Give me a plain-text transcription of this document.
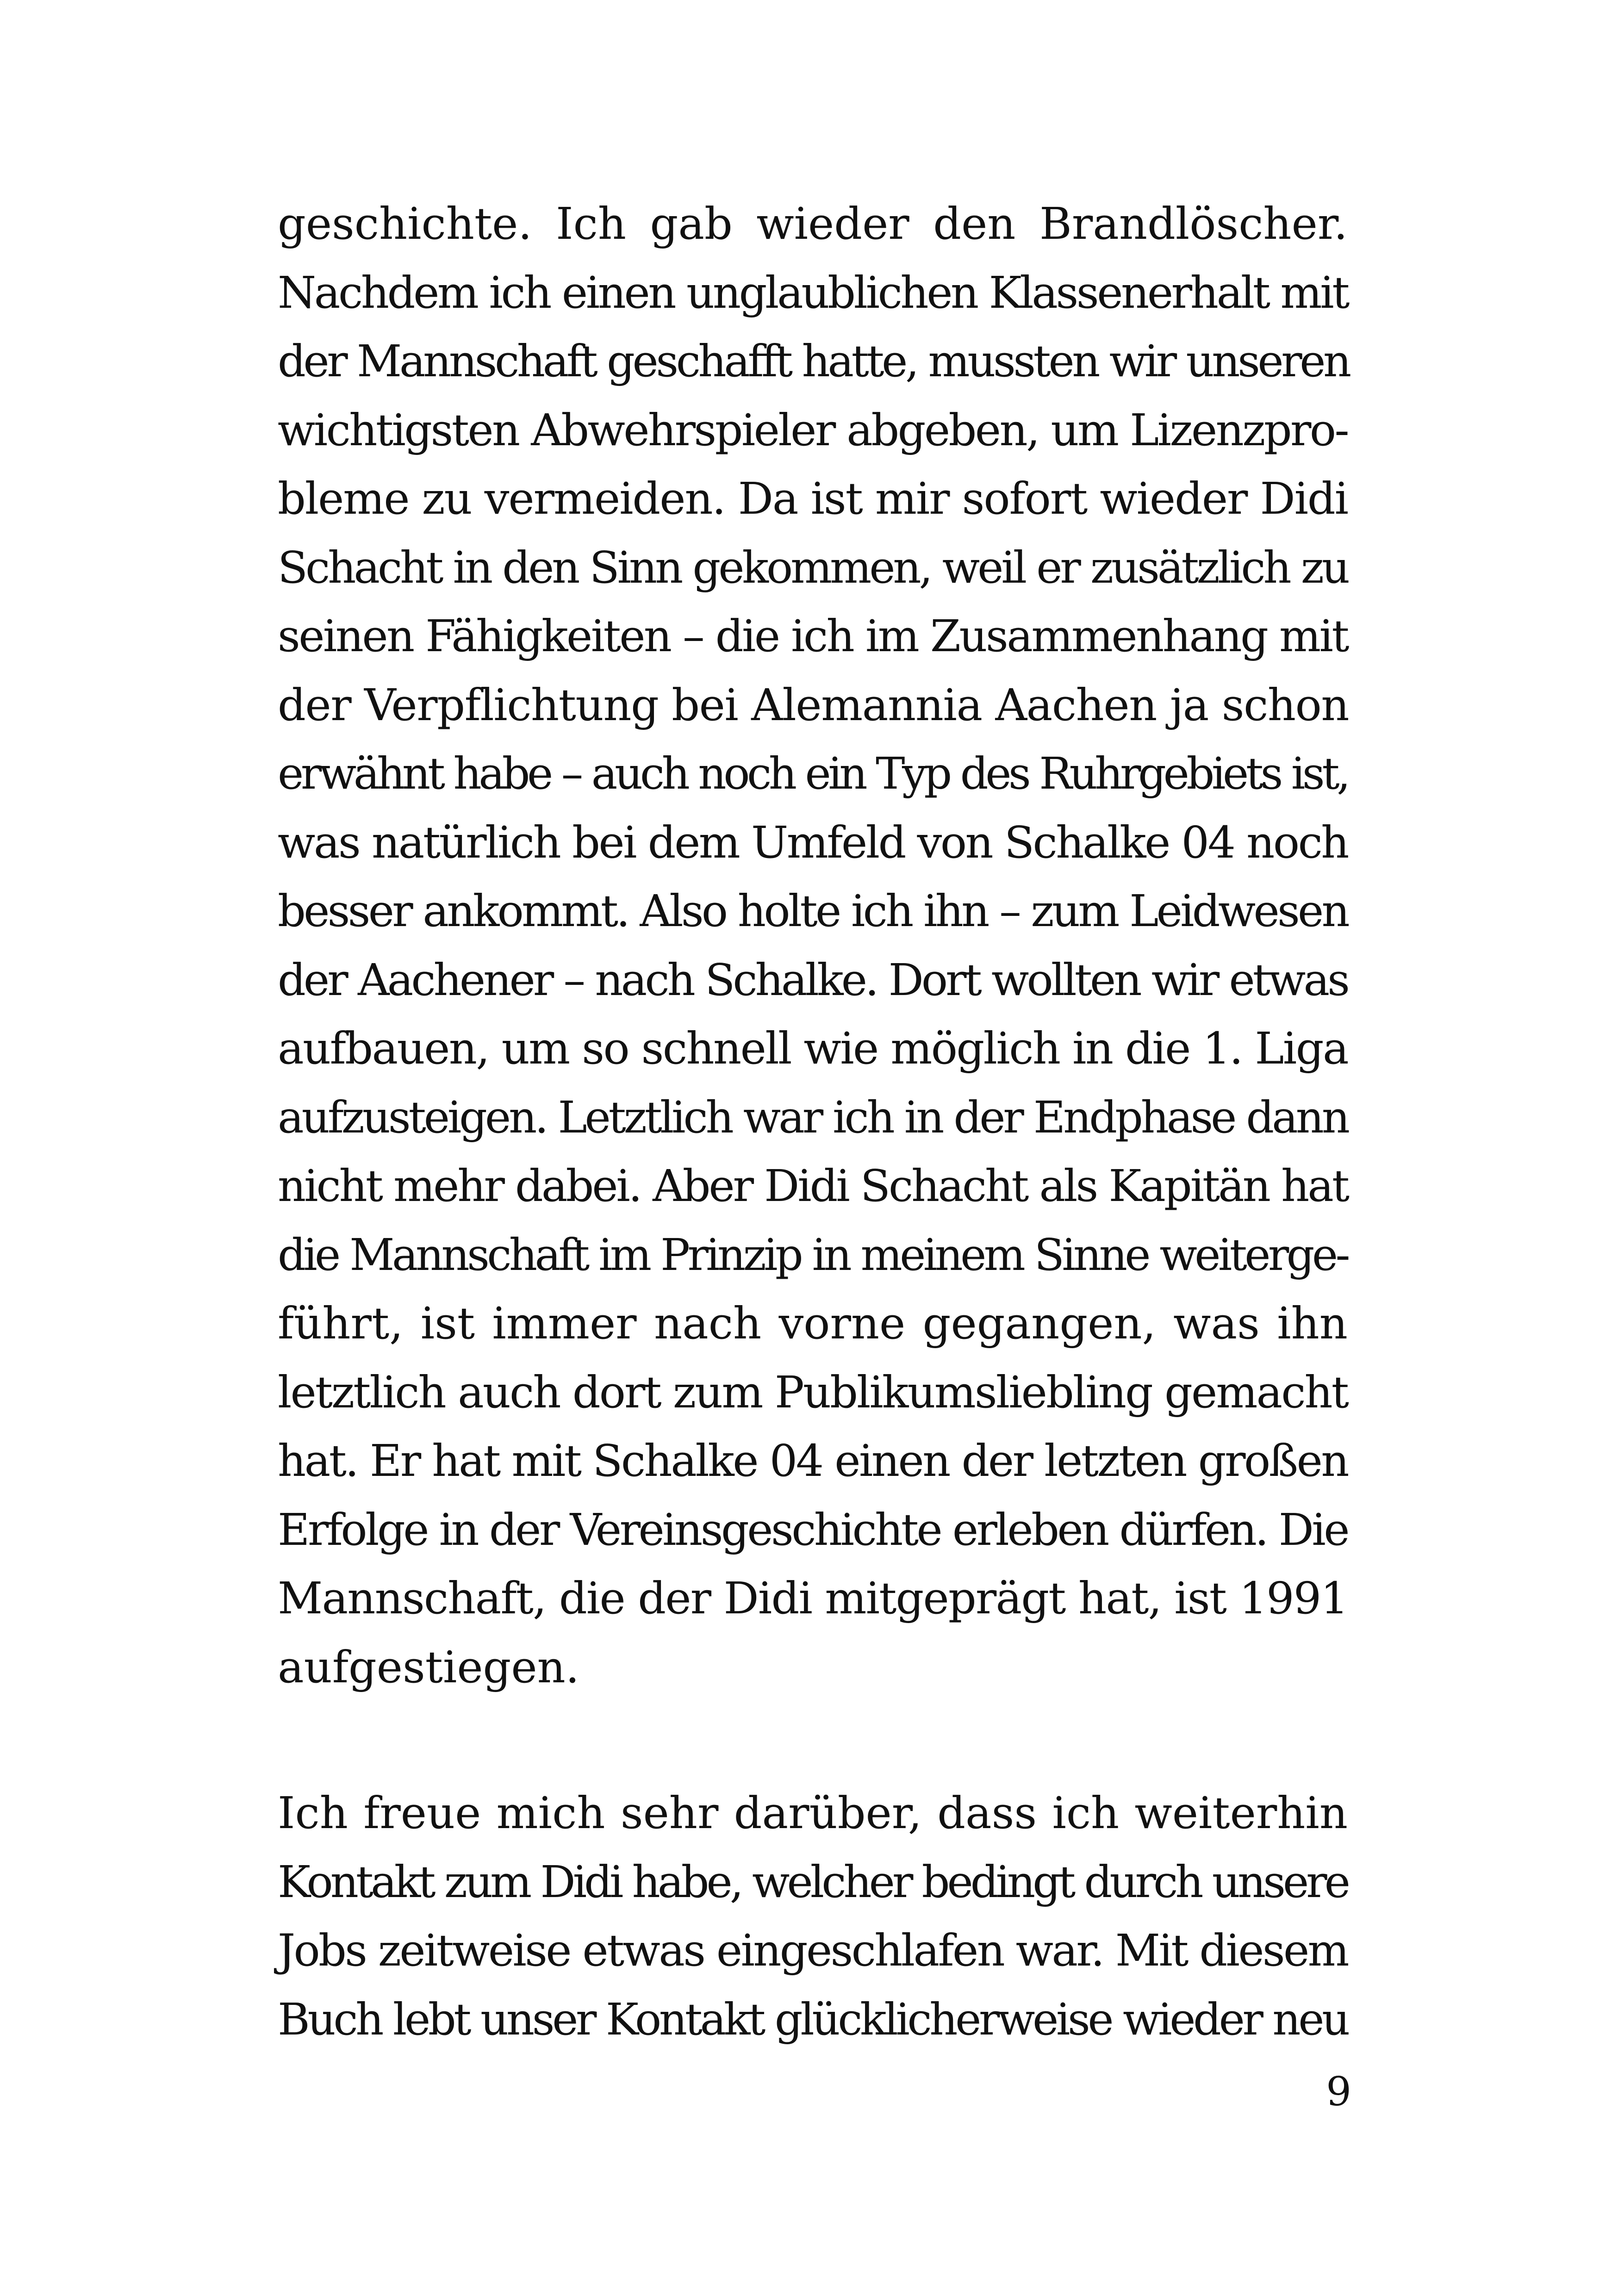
geschichte. Ich gab wieder den Brandlöscher.
Nachdem ich einen unglaublichen Klassenerhalt mit
der Mannschaft geschafft hatte, mussten wir unseren
wichtigsten Abwehrspieler abgeben, um Lizenzpro-
bleme zu vermeiden. Da ist mir sofort wieder Didi
Schacht in den Sinn gekommen, weil er zusätzlich zu
seinen Fähigkeiten – die ich im Zusammenhang mit
der Verpflichtung bei Alemannia Aachen ja schon
erwähnt habe – auch noch ein Typ des Ruhrgebiets ist,
was natürlich bei dem Umfeld von Schalke 04 noch
besser ankommt. Also holte ich ihn – zum Leidwesen
der Aachener – nach Schalke. Dort wollten wir etwas
aufbauen, um so schnell wie möglich in die 1. Liga
aufzusteigen. Letztlich war ich in der Endphase dann
nicht mehr dabei. Aber Didi Schacht als Kapitän hat
die Mannschaft im Prinzip in meinem Sinne weiterge-
führt, ist immer nach vorne gegangen, was ihn
letztlich auch dort zum Publikumsliebling gemacht
hat. Er hat mit Schalke 04 einen der letzten großen
Erfolge in der Vereinsgeschichte erleben dürfen. Die
Mannschaft, die der Didi mitgeprägt hat, ist 1991
aufgestiegen.
Ich freue mich sehr darüber, dass ich weiterhin
Kontakt zum Didi habe, welcher bedingt durch unsere
Jobs zeitweise etwas eingeschlafen war. Mit diesem
Buch lebt unser Kontakt glücklicherweise wieder neu
9
